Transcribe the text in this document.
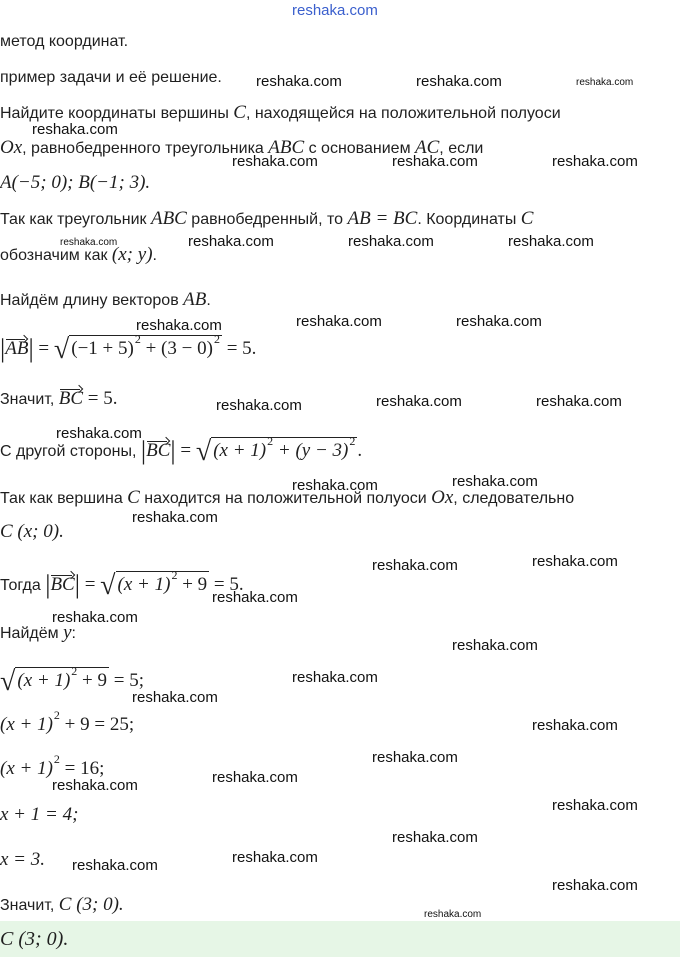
reshaka.com
метод координат.
пример задачи и её решение.
Найдите координаты вершины C, находящейся на положительной полуоси
Ox, равнобедренного треугольника ABC с основанием AC, если
A(−5; 0); B(−1; 3).
Так как треугольник ABC равнобедренный, то AB = BC. Координаты C
обозначим как (x; y).
Найдём длину векторов AB.
|AB| = √ $(-1 + 5)^2 + (3 - 0)^2 = 5$.
Значит, BC = 5.
С другой стороны, |BC| = √ $(x + 1)^2 + (y - 3)^2$ .
Так как вершина C находится на положительной полуоси Ox, следовательно
C (x; 0).
Тогда |BC| = √ $(x + 1)^2 + 9 = 5$.
Найдём y:
√ $(x + 1)^2 + 9 = 5$;
$(x + 1)^2 + 9 = 25$;
$(x + 1)^2 = 16$;
x + 1 = 4;
x = 3.
Значит, C (3; 0).
C (3; 0).
reshaka.com	reshaka.com	reshaka.com
reshaka.com
reshaka.com	reshaka.com	reshaka.com
reshaka.com	reshaka.com	reshaka.com	reshaka.com
reshaka.com	reshaka.com	reshaka.com
reshaka.com	reshaka.com	reshaka.com
reshaka.com
reshaka.com	reshaka.com
reshaka.com
reshaka.com	reshaka.com
reshaka.com
reshaka.com
reshaka.com
reshaka.com
reshaka.com
reshaka.com
reshaka.com
reshaka.com
reshaka.com
reshaka.com
reshaka.com
reshaka.com
reshaka.com
reshaka.com
reshaka.com
